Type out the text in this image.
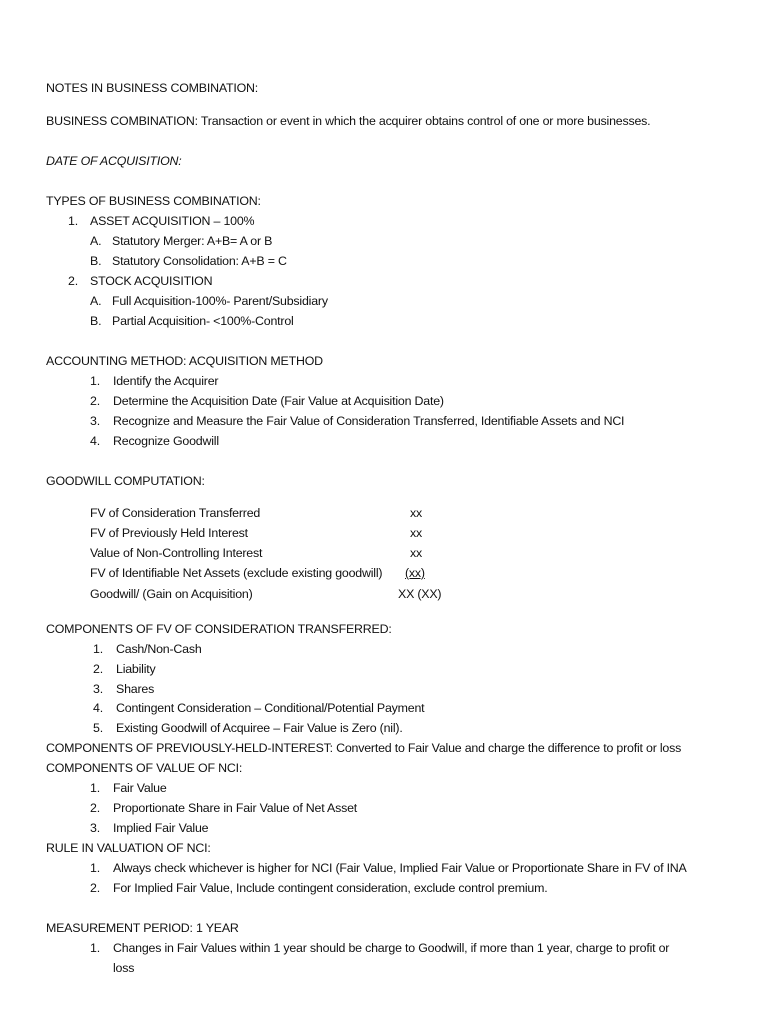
NOTES IN BUSINESS COMBINATION:
BUSINESS COMBINATION: Transaction or event in which the acquirer obtains control of one or more businesses.
DATE OF ACQUISITION:
TYPES OF BUSINESS COMBINATION:
1. ASSET ACQUISITION – 100%
A. Statutory Merger: A+B= A or B
B. Statutory Consolidation: A+B = C
2. STOCK ACQUISITION
A. Full Acquisition-100%- Parent/Subsidiary
B. Partial Acquisition- <100%-Control
ACCOUNTING METHOD: ACQUISITION METHOD
1. Identify the Acquirer
2. Determine the Acquisition Date (Fair Value at Acquisition Date)
3. Recognize and Measure the Fair Value of Consideration Transferred, Identifiable Assets and NCI
4. Recognize Goodwill
GOODWILL COMPUTATION:
FV of Consideration Transferred	xx
FV of Previously Held Interest	xx
Value of Non-Controlling Interest	xx
FV of Identifiable Net Assets (exclude existing goodwill) (xx)
Goodwill/ (Gain on Acquisition)	XX (XX)
COMPONENTS OF FV OF CONSIDERATION TRANSFERRED:
1. Cash/Non-Cash
2. Liability
3. Shares
4. Contingent Consideration – Conditional/Potential Payment
5. Existing Goodwill of Acquiree – Fair Value is Zero (nil).
COMPONENTS OF PREVIOUSLY-HELD-INTEREST: Converted to Fair Value and charge the difference to profit or loss
COMPONENTS OF VALUE OF NCI:
1. Fair Value
2. Proportionate Share in Fair Value of Net Asset
3. Implied Fair Value
RULE IN VALUATION OF NCI:
1. Always check whichever is higher for NCI (Fair Value, Implied Fair Value or Proportionate Share in FV of INA
2. For Implied Fair Value, Include contingent consideration, exclude control premium.
MEASUREMENT PERIOD: 1 YEAR
1. Changes in Fair Values within 1 year should be charge to Goodwill, if more than 1 year, charge to profit or
loss
